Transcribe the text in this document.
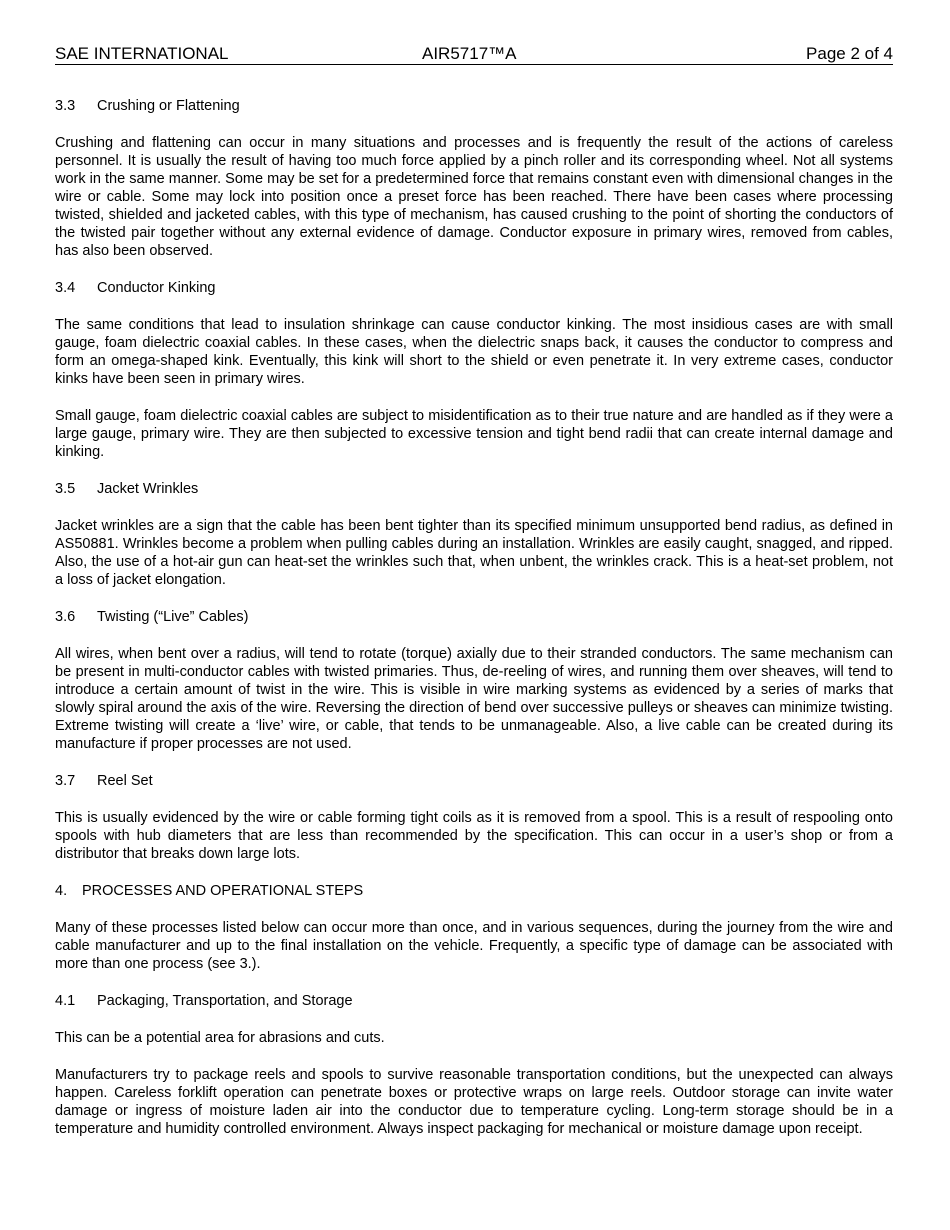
SAE INTERNATIONAL	AIR5717™A	Page 2 of 4
3.3	Crushing or Flattening

Crushing and flattening can occur in many situations and processes and is frequently the result of the actions of careless personnel. It is usually the result of having too much force applied by a pinch roller and its corresponding wheel. Not all systems work in the same manner. Some may be set for a predetermined force that remains constant even with dimensional changes in the wire or cable. Some may lock into position once a preset force has been reached. There have been cases where processing twisted, shielded and jacketed cables, with this type of mechanism, has caused crushing to the point of shorting the conductors of the twisted pair together without any external evidence of damage. Conductor exposure in primary wires, removed from cables, has also been observed.

3.4	Conductor Kinking

The same conditions that lead to insulation shrinkage can cause conductor kinking. The most insidious cases are with small gauge, foam dielectric coaxial cables. In these cases, when the dielectric snaps back, it causes the conductor to compress and form an omega-shaped kink. Eventually, this kink will short to the shield or even penetrate it. In very extreme cases, conductor kinks have been seen in primary wires.

Small gauge, foam dielectric coaxial cables are subject to misidentification as to their true nature and are handled as if they were a large gauge, primary wire. They are then subjected to excessive tension and tight bend radii that can create internal damage and kinking.

3.5	Jacket Wrinkles

Jacket wrinkles are a sign that the cable has been bent tighter than its specified minimum unsupported bend radius, as defined in AS50881. Wrinkles become a problem when pulling cables during an installation. Wrinkles are easily caught, snagged, and ripped. Also, the use of a hot-air gun can heat-set the wrinkles such that, when unbent, the wrinkles crack. This is a heat-set problem, not a loss of jacket elongation.

3.6	Twisting (“Live” Cables)

All wires, when bent over a radius, will tend to rotate (torque) axially due to their stranded conductors. The same mechanism can be present in multi-conductor cables with twisted primaries. Thus, de-reeling of wires, and running them over sheaves, will tend to introduce a certain amount of twist in the wire. This is visible in wire marking systems as evidenced by a series of marks that slowly spiral around the axis of the wire. Reversing the direction of bend over successive pulleys or sheaves can minimize twisting. Extreme twisting will create a ‘live’ wire, or cable, that tends to be unmanageable. Also, a live cable can be created during its manufacture if proper processes are not used.

3.7	Reel Set

This is usually evidenced by the wire or cable forming tight coils as it is removed from a spool. This is a result of respooling onto spools with hub diameters that are less than recommended by the specification. This can occur in a user’s shop or from a distributor that breaks down large lots.

4.	PROCESSES AND OPERATIONAL STEPS

Many of these processes listed below can occur more than once, and in various sequences, during the journey from the wire and cable manufacturer and up to the final installation on the vehicle. Frequently, a specific type of damage can be associated with more than one process (see 3.).

4.1	Packaging, Transportation, and Storage

This can be a potential area for abrasions and cuts.

Manufacturers try to package reels and spools to survive reasonable transportation conditions, but the unexpected can always happen. Careless forklift operation can penetrate boxes or protective wraps on large reels. Outdoor storage can invite water damage or ingress of moisture laden air into the conductor due to temperature cycling. Long-term storage should be in a temperature and humidity controlled environment. Always inspect packaging for mechanical or moisture damage upon receipt.
